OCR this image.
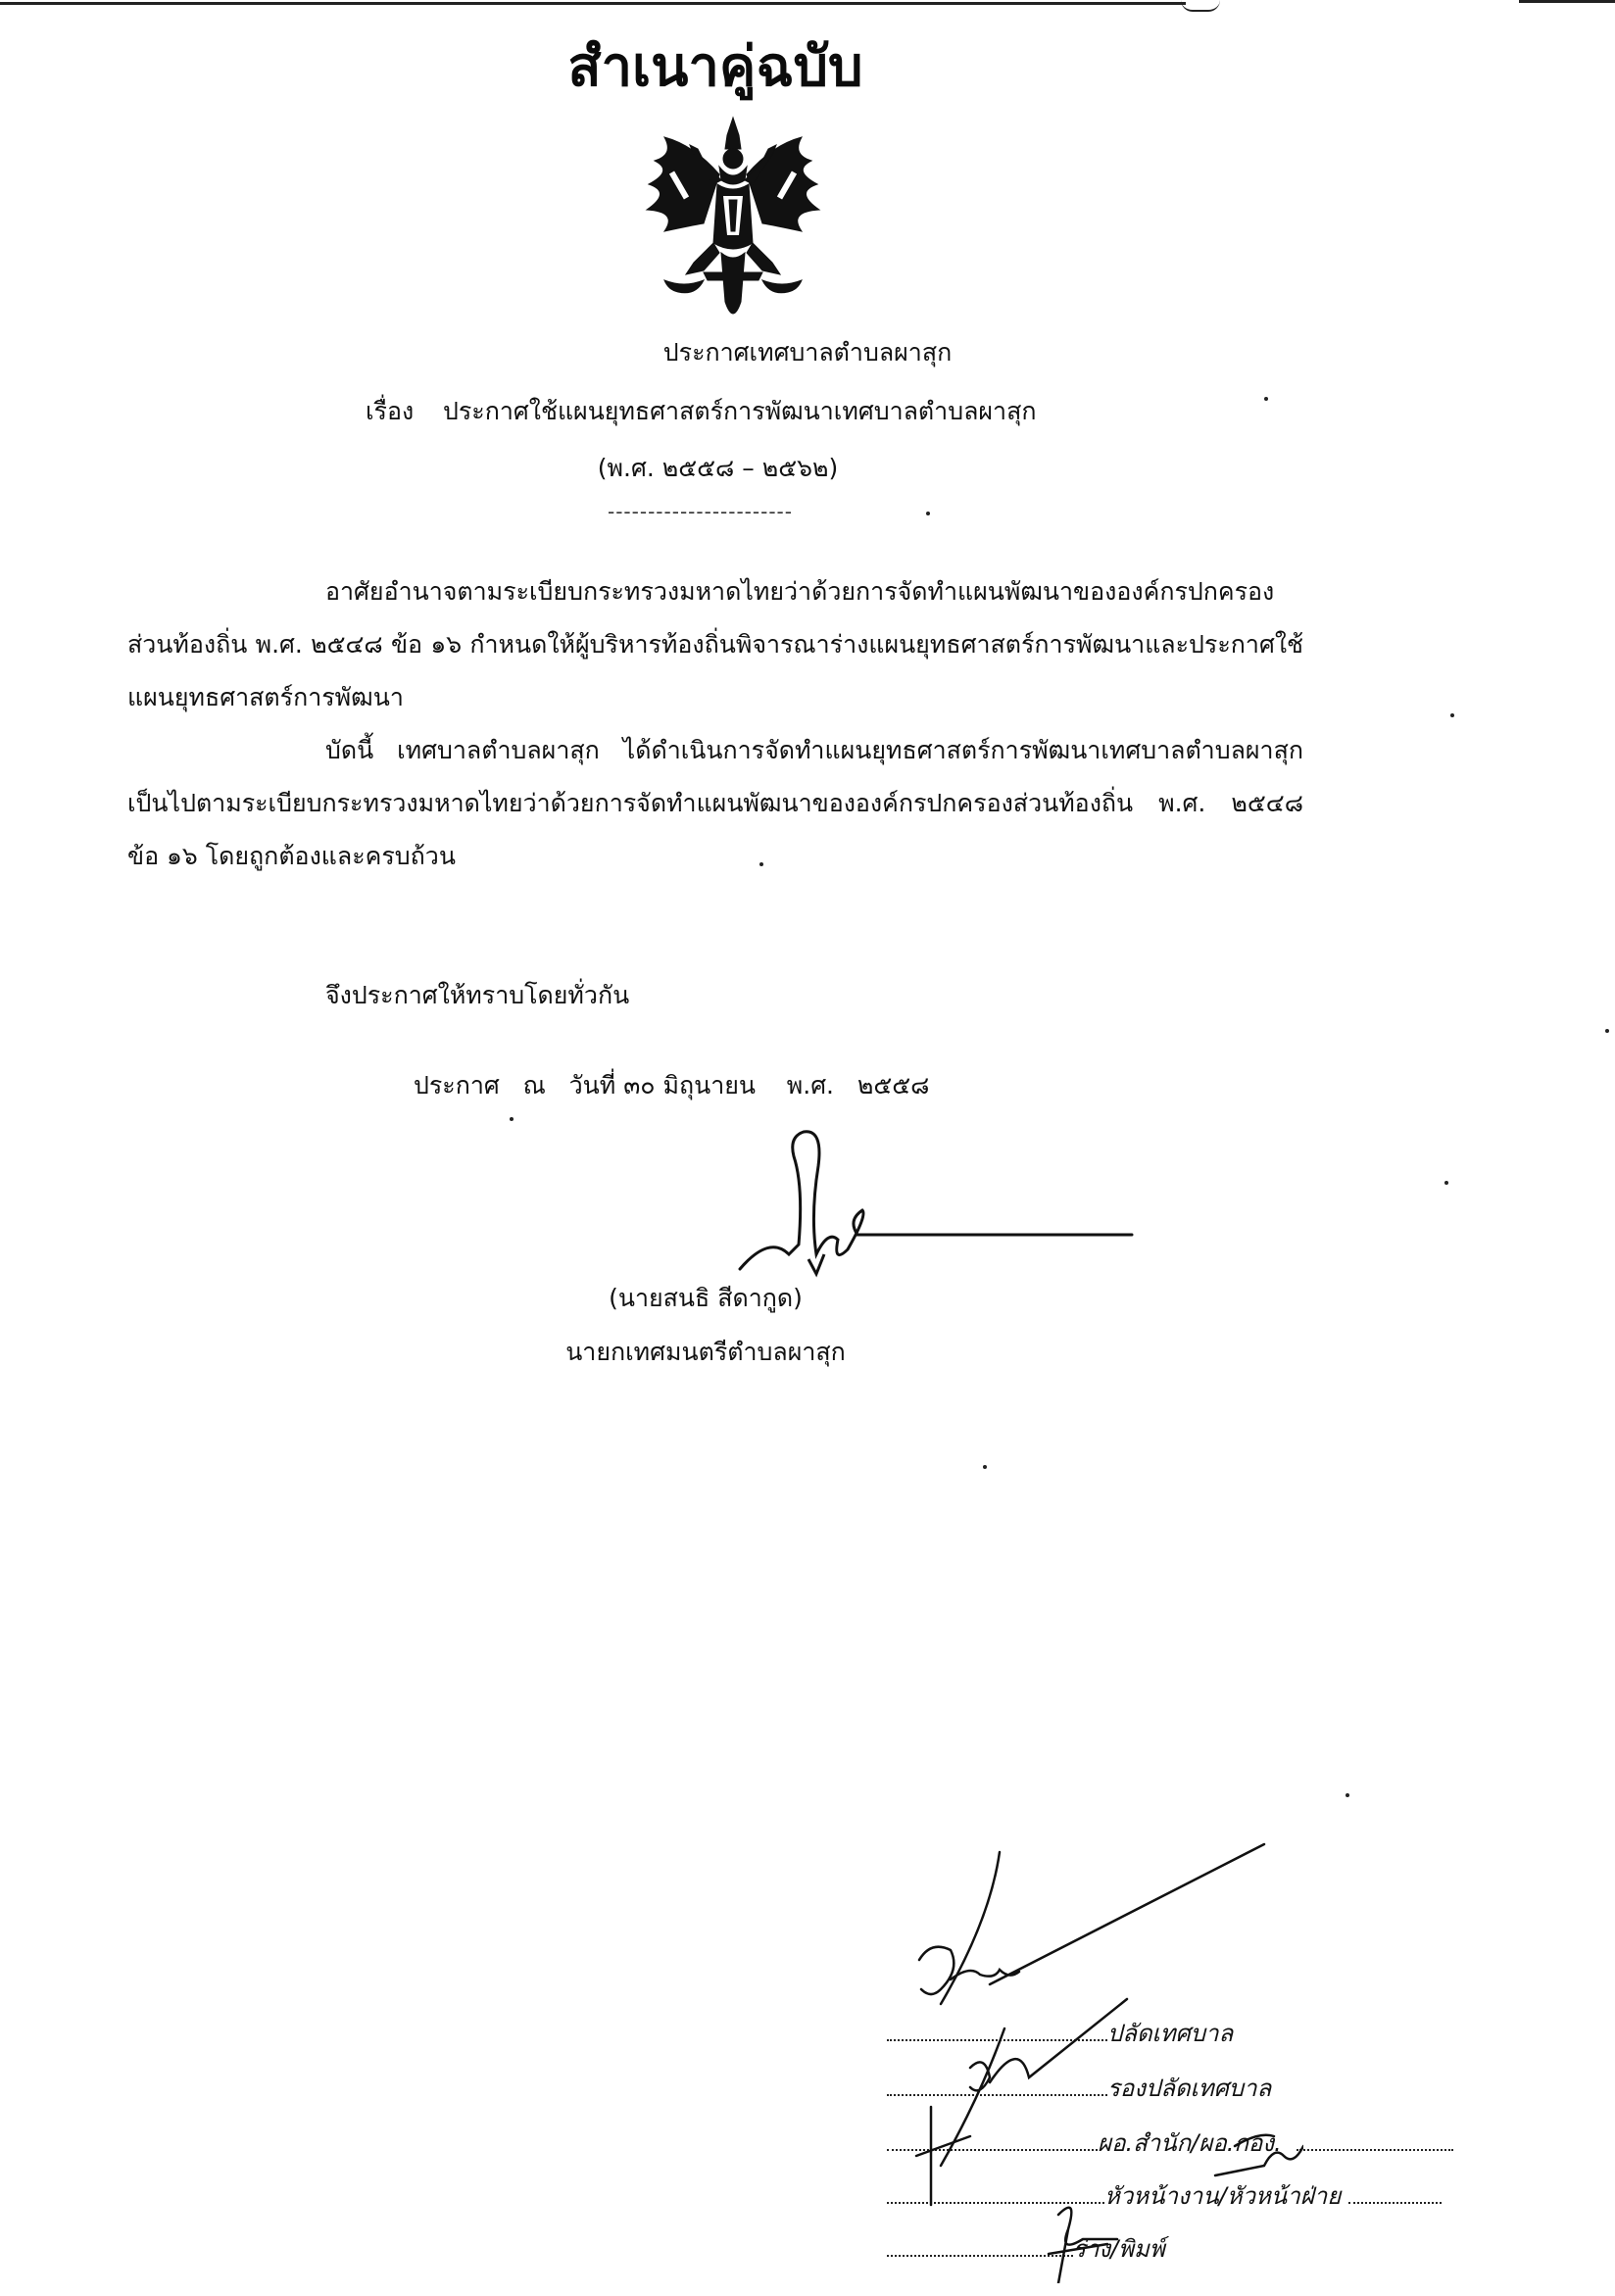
สำเนาคู่ฉบับ
ประกาศเทศบาลตำบลผาสุก
เรื่อง ประกาศใช้แผนยุทธศาสตร์การพัฒนาเทศบาลตำบลผาสุก
(พ.ศ. ๒๕๕๘ – ๒๕๖๒)
-----------------------

อาศัยอำนาจตามระเบียบกระทรวงมหาดไทยว่าด้วยการจัดทำแผนพัฒนาขององค์กรปกครองส่วนท้องถิ่น พ.ศ. ๒๕๔๘ ข้อ ๑๖ กำหนดให้ผู้บริหารท้องถิ่นพิจารณาร่างแผนยุทธศาสตร์การพัฒนาและประกาศใช้แผนยุทธศาสตร์การพัฒนา

บัดนี้ เทศบาลตำบลผาสุก ได้ดำเนินการจัดทำแผนยุทธศาสตร์การพัฒนาเทศบาลตำบลผาสุกเป็นไปตามระเบียบกระทรวงมหาดไทยว่าด้วยการจัดทำแผนพัฒนาขององค์กรปกครองส่วนท้องถิ่น พ.ศ. ๒๕๔๘ ข้อ ๑๖ โดยถูกต้องและครบถ้วน

จึงประกาศให้ทราบโดยทั่วกัน
ประกาศ   ณ   วันที่ ๓๐ มิถุนายน    พ.ศ.   ๒๕๕๘
(นายสนธิ สีดากูด)
นายกเทศมนตรีตำบลผาสุก
ปลัดเทศบาล
รองปลัดเทศบาล
ผอ.สำนัก/ผอ.กอง.
หัวหน้างาน/หัวหน้าฝ่าย
ร่าง/พิมพ์
